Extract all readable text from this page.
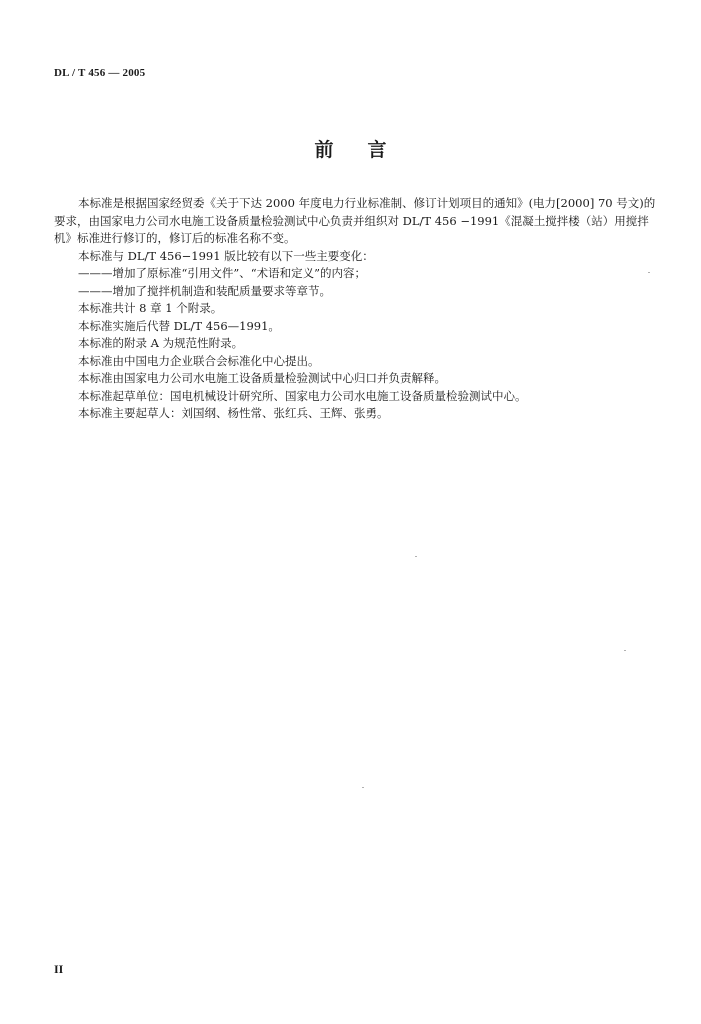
DL / T 456 — 2005
前言

本标准是根据国家经贸委《关于下达 2000 年度电力行业标准制、修订计划项目的通知》(电力[2000] 70 号文)的要求，由国家电力公司水电施工设备质量检验测试中心负责并组织对 DL/T 456 −1991《混凝土搅拌楼（站）用搅拌机》标准进行修订的，修订后的标准名称不变。

本标准与 DL/T 456−1991 版比较有以下一些主要变化：

———增加了原标准“引用文件”、“术语和定义”的内容；

———增加了搅拌机制造和装配质量要求等章节。

本标准共计 8 章 1 个附录。

本标准实施后代替 DL/T 456—1991。

本标准的附录 A 为规范性附录。

本标准由中国电力企业联合会标准化中心提出。

本标准由国家电力公司水电施工设备质量检验测试中心归口并负责解释。

本标准起草单位：国电机械设计研究所、国家电力公司水电施工设备质量检验测试中心。

本标准主要起草人：刘国纲、杨性常、张红兵、王辉、张勇。

II
